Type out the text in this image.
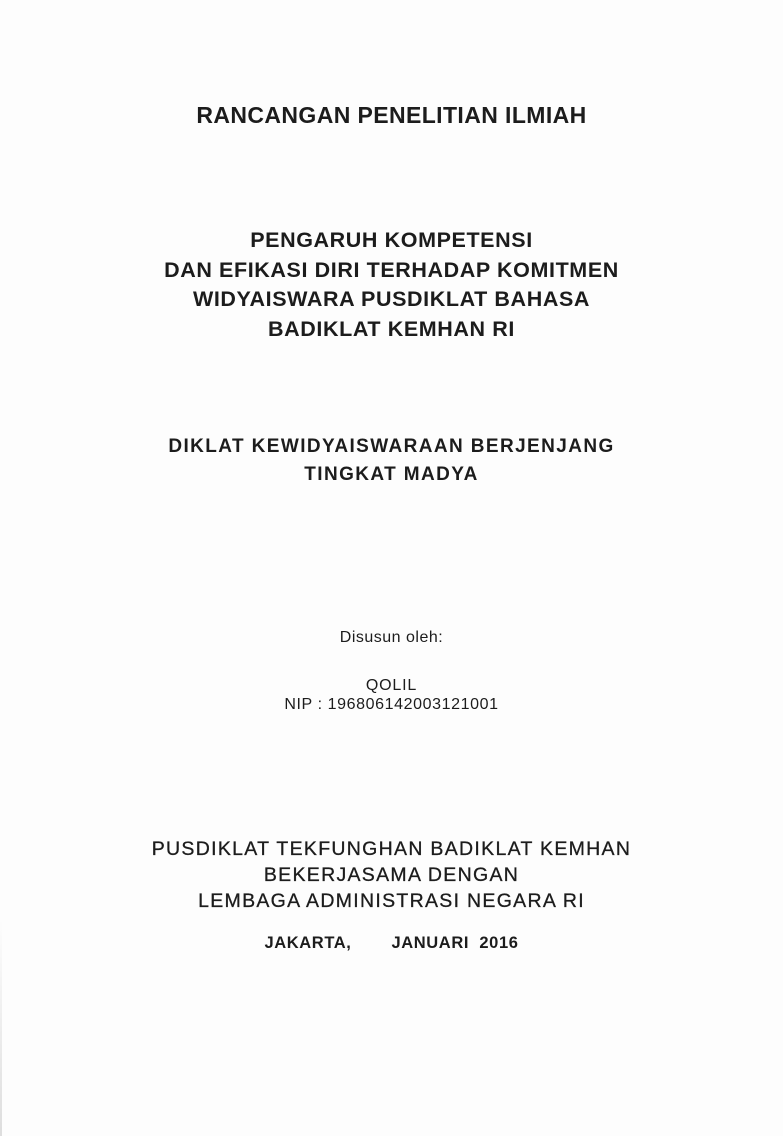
RANCANGAN PENELITIAN ILMIAH
PENGARUH KOMPETENSI
DAN EFIKASI DIRI TERHADAP KOMITMEN
WIDYAISWARA PUSDIKLAT BAHASA
BADIKLAT KEMHAN RI
DIKLAT KEWIDYAISWARAAN BERJENJANG
TINGKAT MADYA
Disusun oleh:
QOLIL
NIP : 196806142003121001
PUSDIKLAT TEKFUNGHAN BADIKLAT KEMHAN
BEKERJASAMA DENGAN
LEMBAGA ADMINISTRASI NEGARA RI
JAKARTA, JANUARI  2016
